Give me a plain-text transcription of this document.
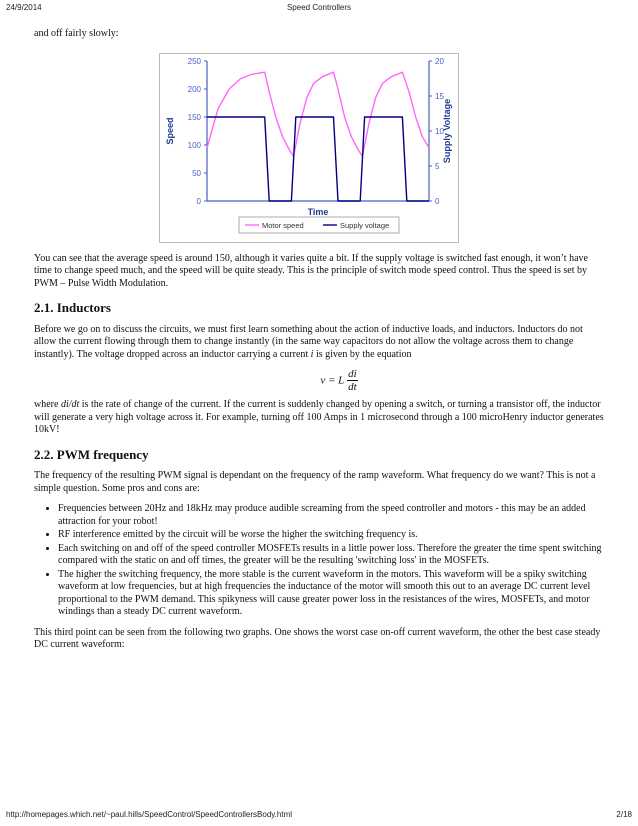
24/9/2014	Speed Controllers

and off fairly slowly:

250
200
150
100
50
0
20
15
10
5
0
Speed	Supply Voltage
Time
Motor speed	Supply voltage

You can see that the average speed is around 150, although it varies quite a bit. If the supply voltage is switched fast enough, it won’t have time to change speed much, and the speed will be quite steady. This is the principle of switch mode speed control. Thus the speed is set by PWM – Pulse Width Modulation.

2.1. Inductors

Before we go on to discuss the circuits, we must first learn something about the action of inductive loads, and inductors. Inductors do not allow the current flowing through them to change instantly (in the same way capacitors do not allow the voltage across them to change instantly). The voltage dropped across an inductor carrying a current i is given by the equation

v = L $\frac{di}{dt}$

where di/dt is the rate of change of the current. If the current is suddenly changed by opening a switch, or turning a transistor off, the inductor will generate a very high voltage across it. For example, turning off 100 Amps in 1 microsecond through a 100 microHenry inductor generates 10kV!

2.2. PWM frequency

The frequency of the resulting PWM signal is dependant on the frequency of the ramp waveform. What frequency do we want? This is not a simple question. Some pros and cons are:

• Frequencies between 20Hz and 18kHz may produce audible screaming from the speed controller and motors - this may be an added attraction for your robot!
• RF interference emitted by the circuit will be worse the higher the switching frequency is.
• Each switching on and off of the speed controller MOSFETs results in a little power loss. Therefore the greater the time spent switching compared with the static on and off times, the greater will be the resulting 'switching loss' in the MOSFETs.
• The higher the switching frequency, the more stable is the current waveform in the motors. This waveform will be a spiky switching waveform at low frequencies, but at high frequencies the inductance of the motor will smooth this out to an average DC current level proportional to the PWM demand. This spikyness will cause greater power loss in the resistances of the wires, MOSFETs, and motor windings than a steady DC current waveform.

This third point can be seen from the following two graphs. One shows the worst case on-off current waveform, the other the best case steady DC current waveform:

http://homepages.which.net/~paul.hills/SpeedControl/SpeedControllersBody.html	2/18
